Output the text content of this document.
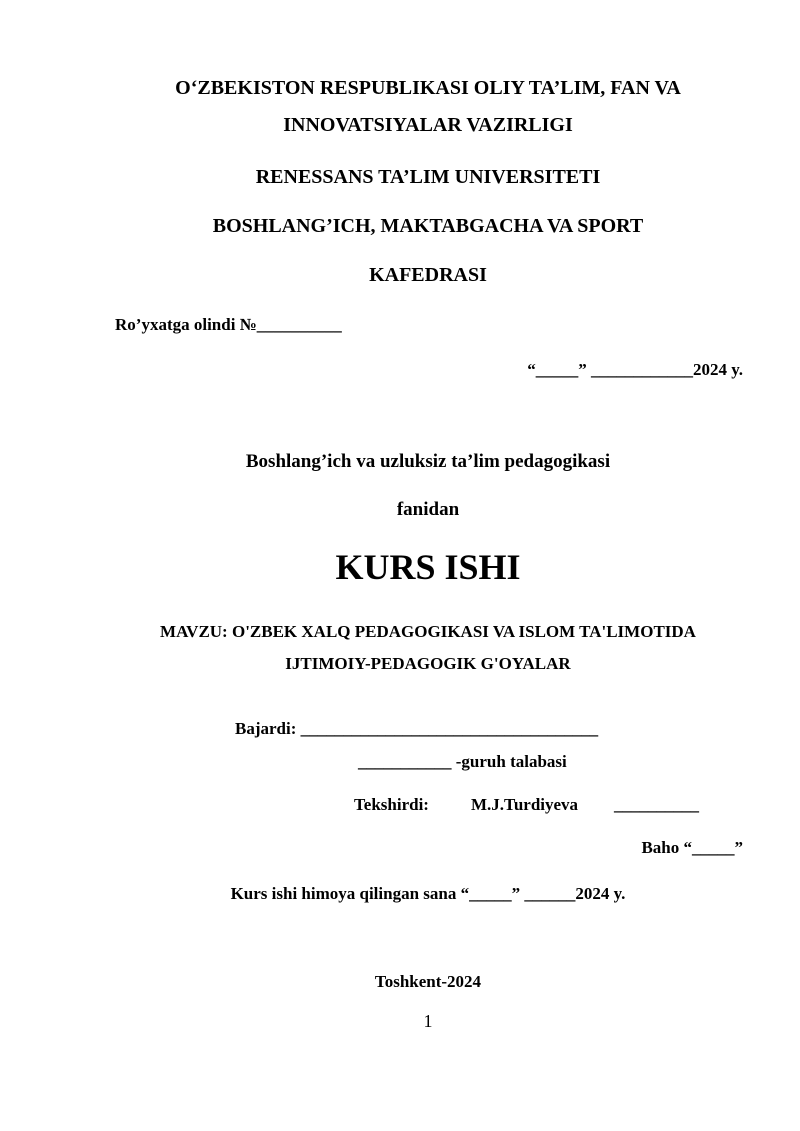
O‘ZBEKISTON RESPUBLIKASI OLIY TA’LIM, FAN VA
INNOVATSIYALAR VAZIRLIGI
RENESSANS TA’LIM UNIVERSITETI
BOSHLANG’ICH, MAKTABGACHA VA SPORT
KAFEDRASI
Ro’yxatga olindi №__________
“_____” ____________2024 y.
Boshlang’ich va uzluksiz ta’lim pedagogikasi
fanidan
KURS ISHI
MAVZU: O'ZBEK XALQ PEDAGOGIKASI VA ISLOM TA'LIMOTIDA
IJTIMOIY-PEDAGOGIK G'OYALAR
Bajardi: ___________________________________
___________ -guruh talabasi
Tekshirdi: M.J.Turdiyeva __________
Baho “_____”
Kurs ishi himoya qilingan sana “_____” ______2024 y.
Toshkent-2024
1
